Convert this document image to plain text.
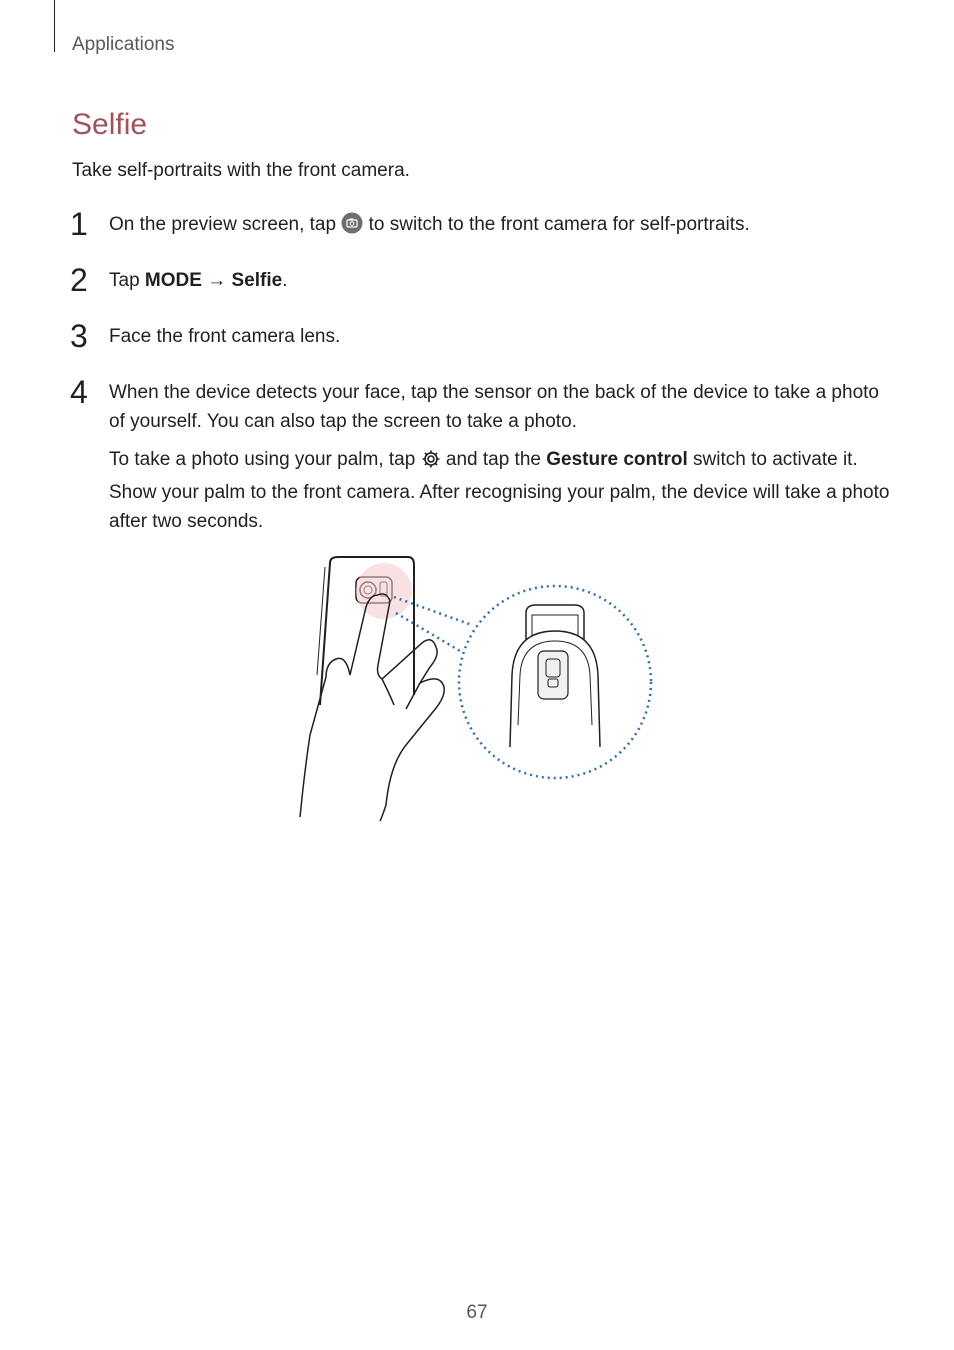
Applications
Selfie
Take self-portraits with the front camera.
1 On the preview screen, tap to switch to the front camera for self-portraits.
2 Tap MODE → Selfie.
3 Face the front camera lens.
4 When the device detects your face, tap the sensor on the back of the device to take a photo of yourself. You can also tap the screen to take a photo.
To take a photo using your palm, tap and tap the Gesture control switch to activate it. Show your palm to the front camera. After recognising your palm, the device will take a photo after two seconds.
67
